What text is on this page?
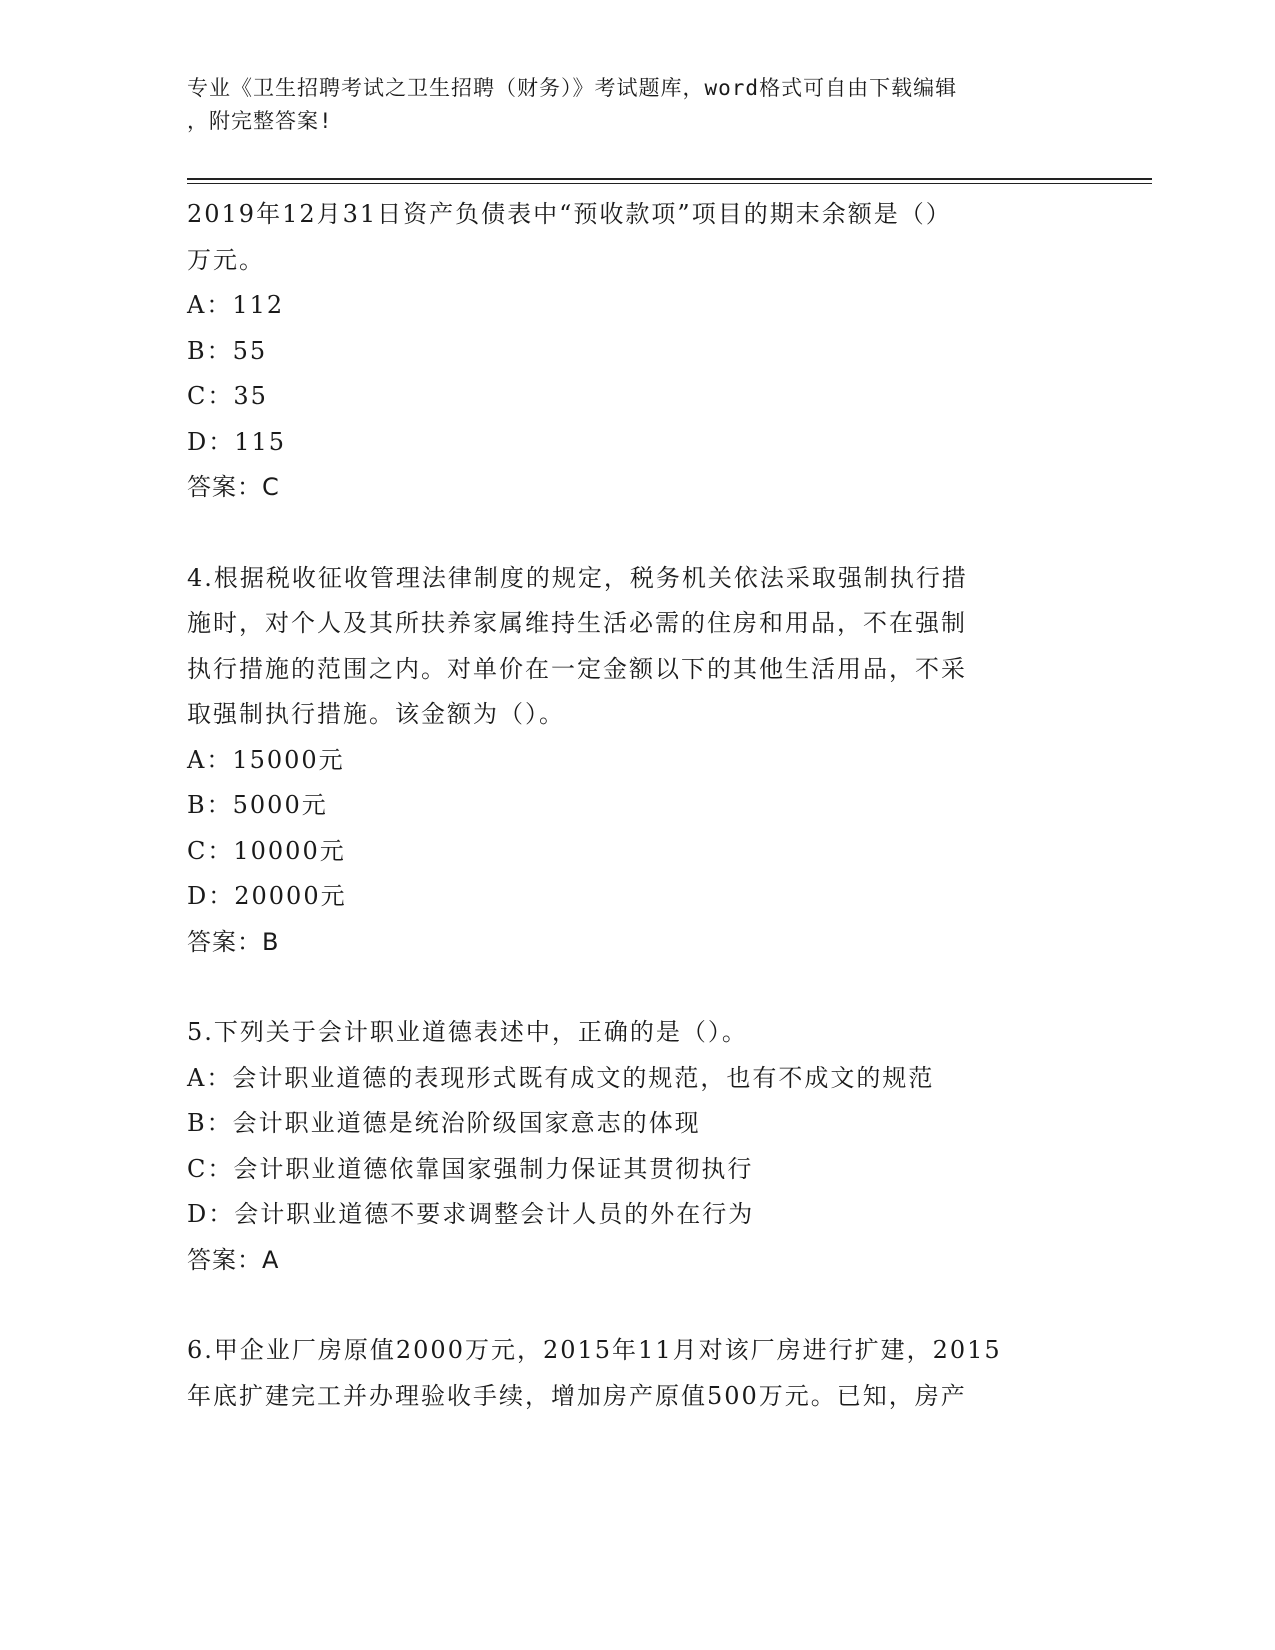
专业《卫生招聘考试之卫生招聘（财务）》考试题库，word格式可自由下载编辑
，附完整答案!
2019年12月31日资产负债表中“预收款项”项目的期末余额是（）
万元。
A：112
B：55
C：35
D：115
答案：C
4.根据税收征收管理法律制度的规定，税务机关依法采取强制执行措
施时，对个人及其所扶养家属维持生活必需的住房和用品，不在强制
执行措施的范围之内。对单价在一定金额以下的其他生活用品，不采
取强制执行措施。该金额为（）。
A：15000元
B：5000元
C：10000元
D：20000元
答案：B
5.下列关于会计职业道德表述中，正确的是（）。
A：会计职业道德的表现形式既有成文的规范，也有不成文的规范
B：会计职业道德是统治阶级国家意志的体现
C：会计职业道德依靠国家强制力保证其贯彻执行
D：会计职业道德不要求调整会计人员的外在行为
答案：A
6.甲企业厂房原值2000万元，2015年11月对该厂房进行扩建，2015
年底扩建完工并办理验收手续，增加房产原值500万元。已知，房产
